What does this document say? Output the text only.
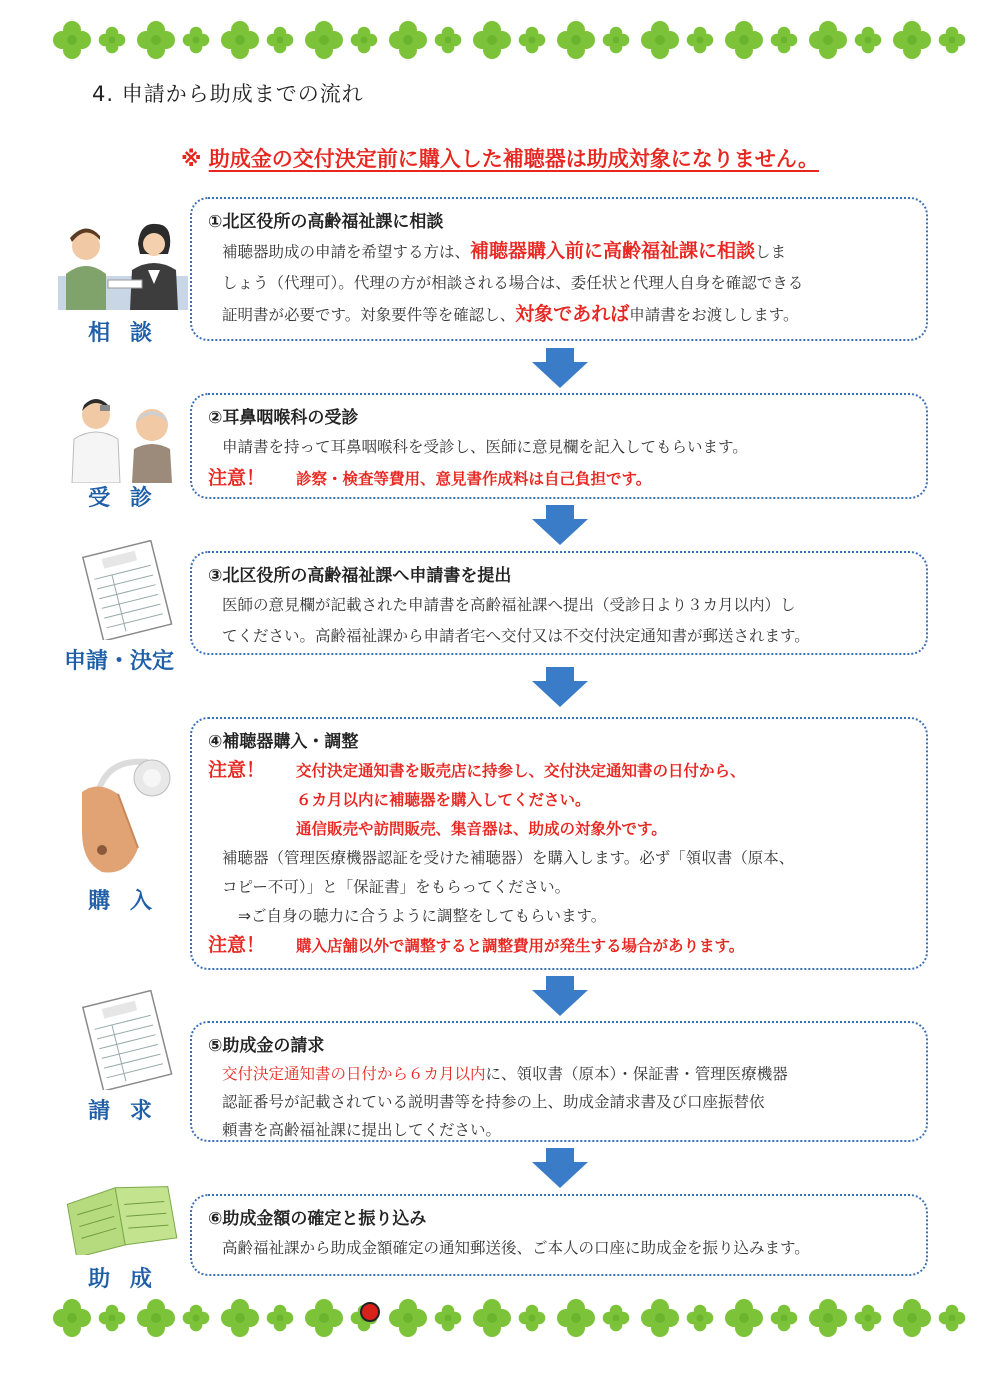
4. 申請から助成までの流れ
※ 助成金の交付決定前に購入した補聴器は助成対象になりません。
相 談
①北区役所の高齢福祉課に相談
補聴器助成の申請を希望する方は、補聴器購入前に高齢福祉課に相談しま
しょう（代理可）。代理の方が相談される場合は、委任状と代理人自身を確認できる
証明書が必要です。対象要件等を確認し、対象であれば申請書をお渡しします。
受 診
②耳鼻咽喉科の受診
申請書を持って耳鼻咽喉科を受診し、医師に意見欄を記入してもらいます。
注意！ 診察・検査等費用、意見書作成料は自己負担です。
申請・決定
③北区役所の高齢福祉課へ申請書を提出
医師の意見欄が記載された申請書を高齢福祉課へ提出（受診日より３カ月以内）し
てください。高齢福祉課から申請者宅へ交付又は不交付決定通知書が郵送されます。
購 入
④補聴器購入・調整
注意！ 交付決定通知書を販売店に持参し、交付決定通知書の日付から、
６カ月以内に補聴器を購入してください。
通信販売や訪問販売、集音器は、助成の対象外です。
補聴器（管理医療機器認証を受けた補聴器）を購入します。必ず「領収書（原本、
コピー不可）」と「保証書」をもらってください。
⇒ご自身の聴力に合うように調整をしてもらいます。
注意！ 購入店舗以外で調整すると調整費用が発生する場合があります。
請 求
⑤助成金の請求
交付決定通知書の日付から６カ月以内に、領収書（原本）・保証書・管理医療機器
認証番号が記載されている説明書等を持参の上、助成金請求書及び口座振替依
頼書を高齢福祉課に提出してください。
助 成
⑥助成金額の確定と振り込み
高齢福祉課から助成金額確定の通知郵送後、ご本人の口座に助成金を振り込みます。
